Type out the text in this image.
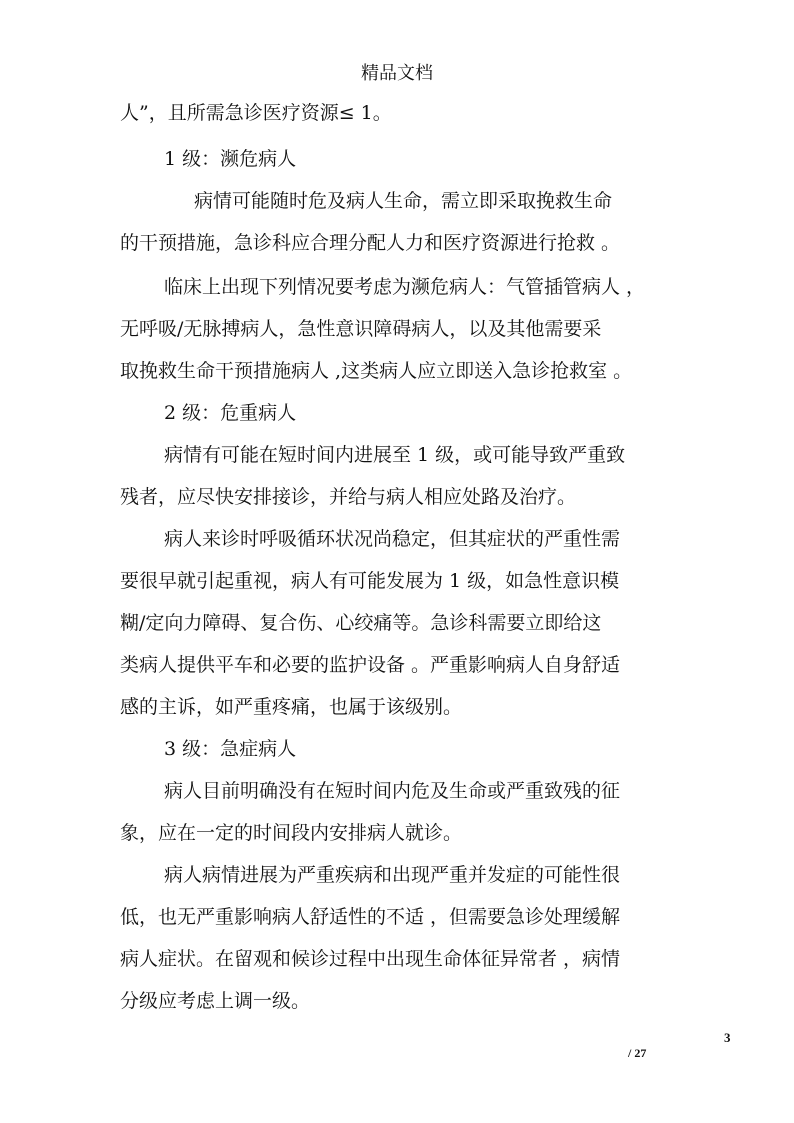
精品文档
人”，且所需急诊医疗资源≤ 1。
1 级：濒危病人
病情可能随时危及病人生命，需立即采取挽救生命
的干预措施，急诊科应合理分配人力和医疗资源进行抢救 。
临床上出现下列情况要考虑为濒危病人：气管插管病人 ，
无呼吸/无脉搏病人，急性意识障碍病人，以及其他需要采
取挽救生命干预措施病人 ,这类病人应立即送入急诊抢救室 。
2 级：危重病人
病情有可能在短时间内进展至 1 级，或可能导致严重致
残者，应尽快安排接诊，并给与病人相应处路及治疗。
病人来诊时呼吸循环状况尚稳定，但其症状的严重性需
要很早就引起重视，病人有可能发展为 1 级，如急性意识模
糊/定向力障碍、复合伤、心绞痛等。急诊科需要立即给这
类病人提供平车和必要的监护设备 。严重影响病人自身舒适
感的主诉，如严重疼痛，也属于该级别。
3 级：急症病人
病人目前明确没有在短时间内危及生命或严重致残的征
象，应在一定的时间段内安排病人就诊。
病人病情进展为严重疾病和出现严重并发症的可能性很
低，也无严重影响病人舒适性的不适 ，但需要急诊处理缓解
病人症状。在留观和候诊过程中出现生命体征异常者 ，病情
分级应考虑上调一级。
3
/ 27
